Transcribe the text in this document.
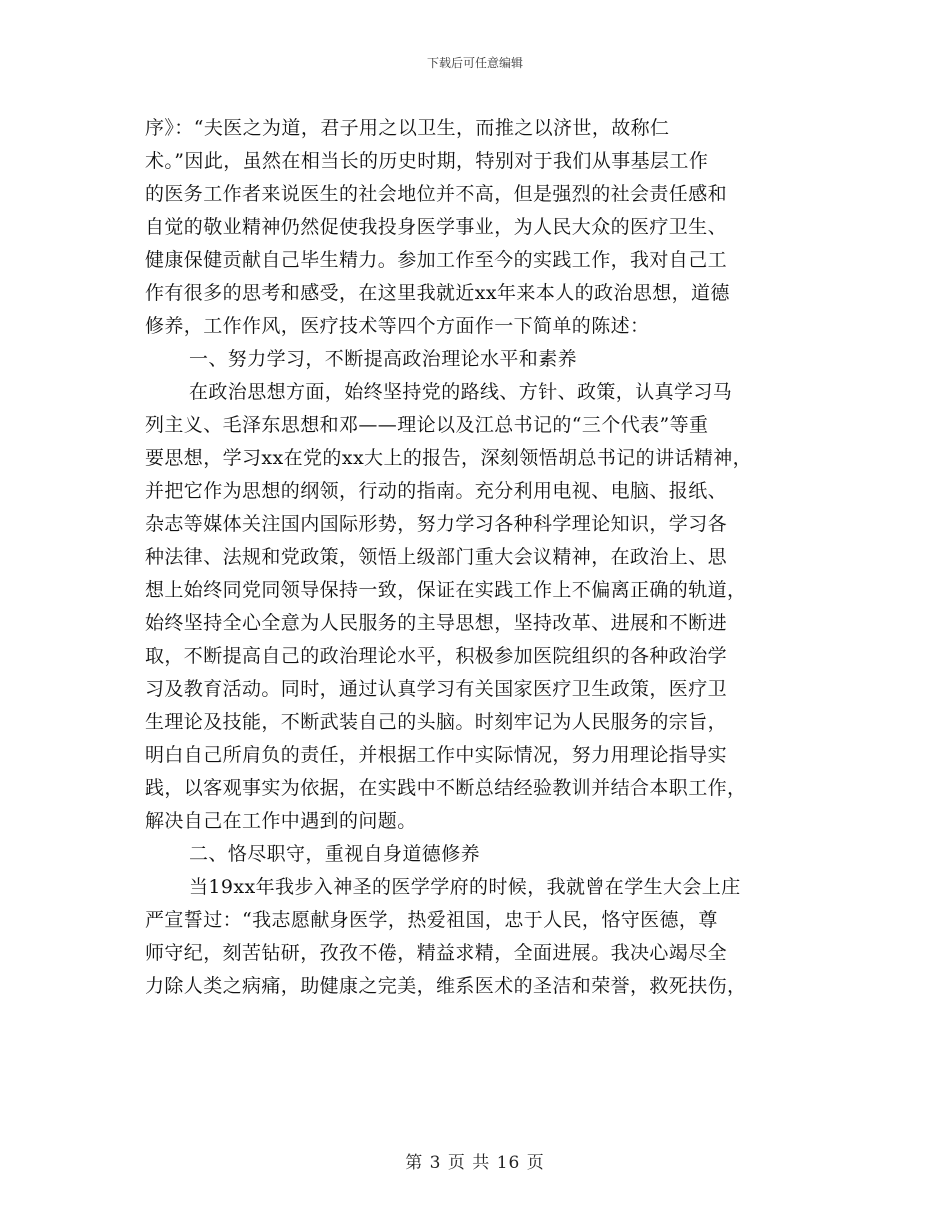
下载后可任意编辑
序》：“夫医之为道，君子用之以卫生，而推之以济世，故称仁
术。”因此，虽然在相当长的历史时期，特别对于我们从事基层工作
的医务工作者来说医生的社会地位并不高，但是强烈的社会责任感和
自觉的敬业精神仍然促使我投身医学事业，为人民大众的医疗卫生、
健康保健贡献自己毕生精力。参加工作至今的实践工作，我对自己工
作有很多的思考和感受，在这里我就近xx年来本人的政治思想，道德
修养，工作作风，医疗技术等四个方面作一下简单的陈述：
一、努力学习，不断提高政治理论水平和素养
在政治思想方面，始终坚持党的路线、方针、政策，认真学习马
列主义、毛泽东思想和邓——理论以及江总书记的“三个代表”等重
要思想，学习xx在党的xx大上的报告，深刻领悟胡总书记的讲话精神，
并把它作为思想的纲领，行动的指南。充分利用电视、电脑、报纸、
杂志等媒体关注国内国际形势，努力学习各种科学理论知识，学习各
种法律、法规和党政策，领悟上级部门重大会议精神，在政治上、思
想上始终同党同领导保持一致，保证在实践工作上不偏离正确的轨道，
始终坚持全心全意为人民服务的主导思想，坚持改革、进展和不断进
取，不断提高自己的政治理论水平，积极参加医院组织的各种政治学
习及教育活动。同时，通过认真学习有关国家医疗卫生政策，医疗卫
生理论及技能，不断武装自己的头脑。时刻牢记为人民服务的宗旨，
明白自己所肩负的责任，并根据工作中实际情况，努力用理论指导实
践，以客观事实为依据，在实践中不断总结经验教训并结合本职工作，
解决自己在工作中遇到的问题。
二、恪尽职守，重视自身道德修养
当19xx年我步入神圣的医学学府的时候，我就曾在学生大会上庄
严宣誓过：“我志愿献身医学，热爱祖国，忠于人民，恪守医德，尊
师守纪，刻苦钻研，孜孜不倦，精益求精，全面进展。我决心竭尽全
力除人类之病痛，助健康之完美，维系医术的圣洁和荣誉，救死扶伤，
第 3 页 共 16 页
